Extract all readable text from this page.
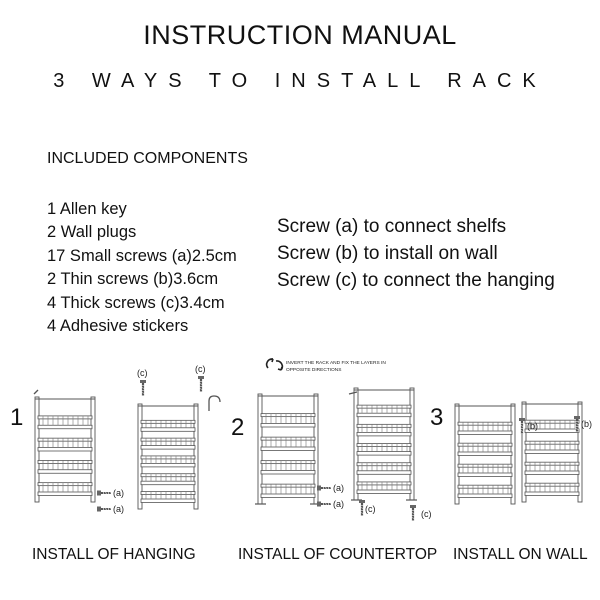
INSTRUCTION MANUAL
3 WAYS TO INSTALL RACK
INCLUDED COMPONENTS
1 Allen key
2 Wall plugs
17 Small screws (a)2.5cm
2 Thin screws (b)3.6cm
4 Thick screws (c)3.4cm
4 Adhesive stickers
Screw (a) to connect shelfs
Screw (b) to install on wall
Screw (c) to connect the hanging
(a)
(a)
(c)	(c)
(a)
(a) (c)	(c)
(b)	(b)
INVERT THE RACK AND FIX THE LAYERS IN
OPPOSITE DIRECTIONS
1	2	3
INSTALL OF HANGING	INSTALL OF COUNTERTOP INSTALL ON WALL
